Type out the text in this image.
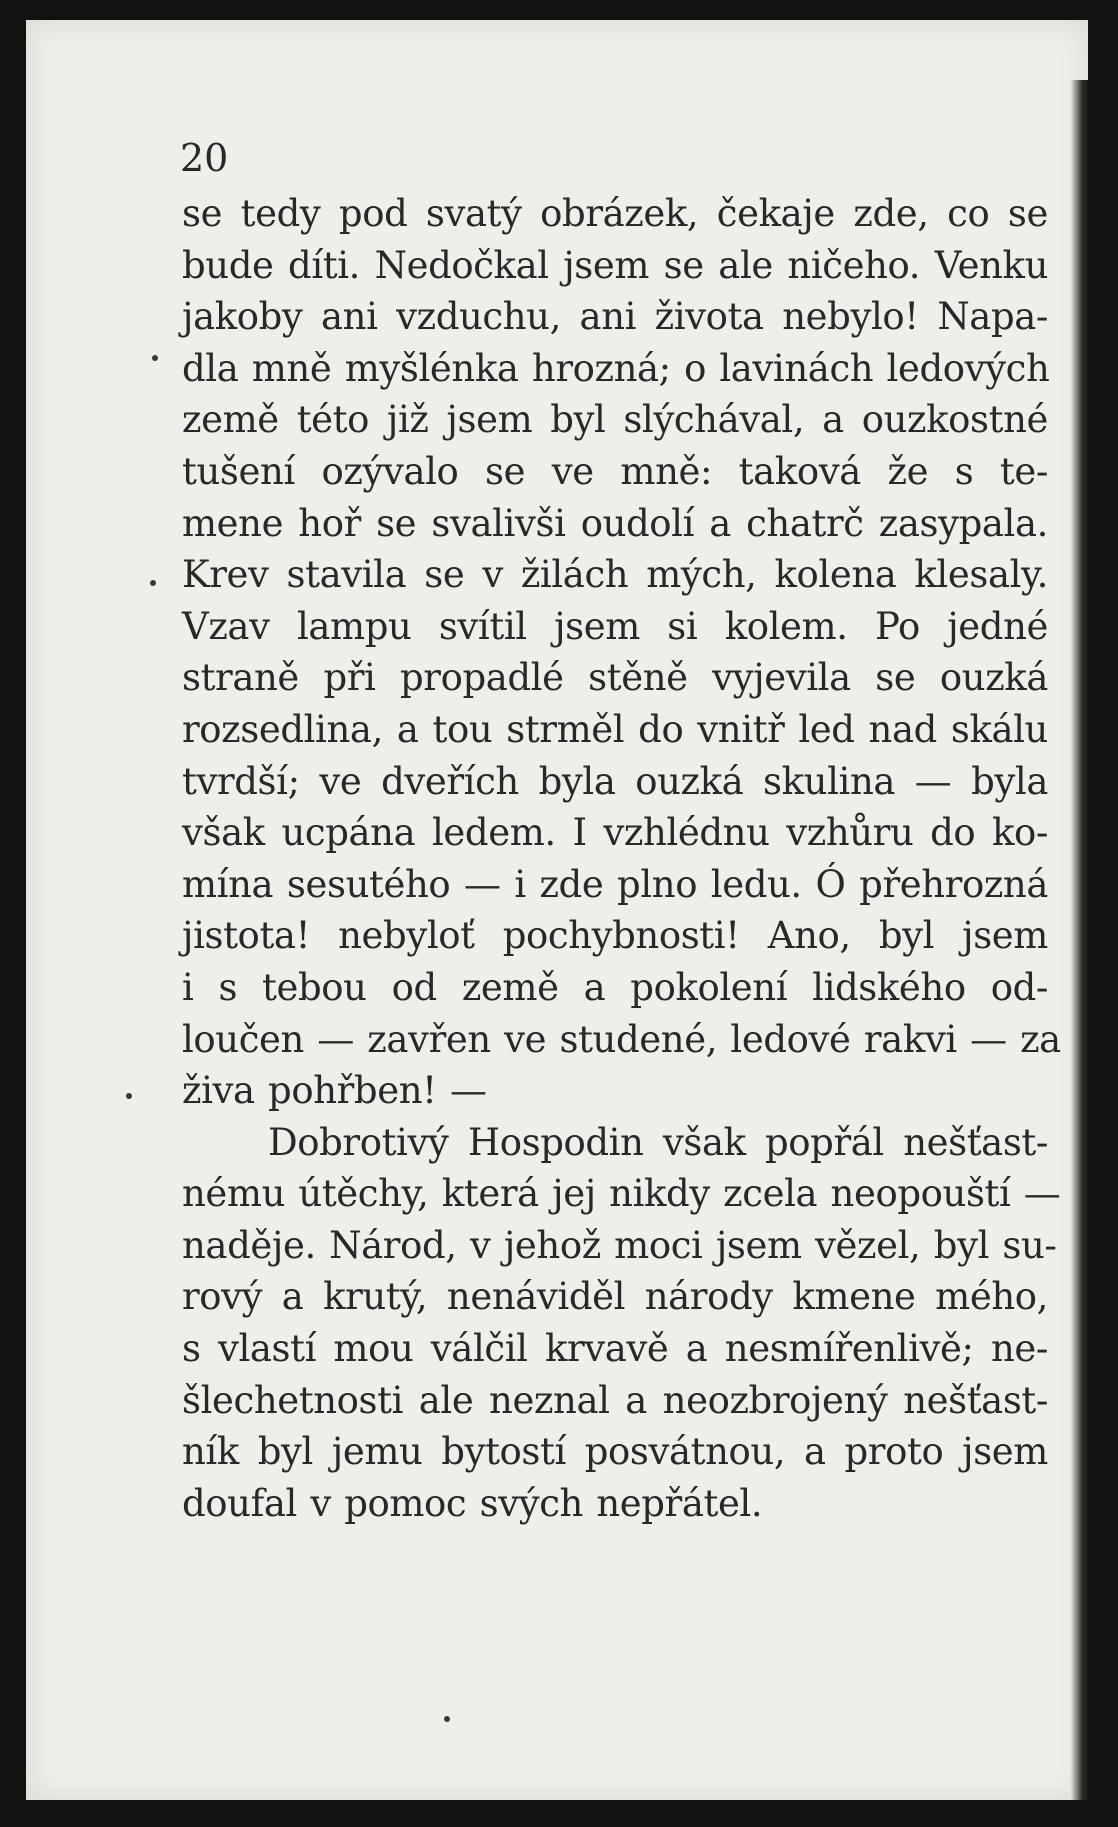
20
se tedy pod svatý obrázek, čekaje zde, co se
bude díti. Nedočkal jsem se ale ničeho. Venku
jakoby ani vzduchu, ani života nebylo! Napa-
dla mně myšlénka hrozná; o lavinách ledových
země této již jsem byl slýchával, a ouzkostné
tušení ozývalo se ve mně: taková že s te-
mene hoř se svalivši oudolí a chatrč zasypala.
Krev stavila se v žilách mých, kolena klesaly.
Vzav lampu svítil jsem si kolem. Po jedné
straně při propadlé stěně vyjevila se ouzká
rozsedlina, a tou strměl do vnitř led nad skálu
tvrdší; ve dveřích byla ouzká skulina — byla
však ucpána ledem. I vzhlédnu vzhůru do ko-
mína sesutého — i zde plno ledu. Ó přehrozná
jistota! nebyloť pochybnosti! Ano, byl jsem
i s tebou od země a pokolení lidského od-
loučen — zavřen ve studené, ledové rakvi — za
živa pohřben! —
Dobrotivý Hospodin však popřál nešťast-
nému útěchy, která jej nikdy zcela neopouští —
naděje. Národ, v jehož moci jsem vězel, byl su-
rový a krutý, nenáviděl národy kmene mého,
s vlastí mou válčil krvavě a nesmířenlivě; ne-
šlechetnosti ale neznal a neozbrojený nešťast-
ník byl jemu bytostí posvátnou, a proto jsem
doufal v pomoc svých nepřátel.
